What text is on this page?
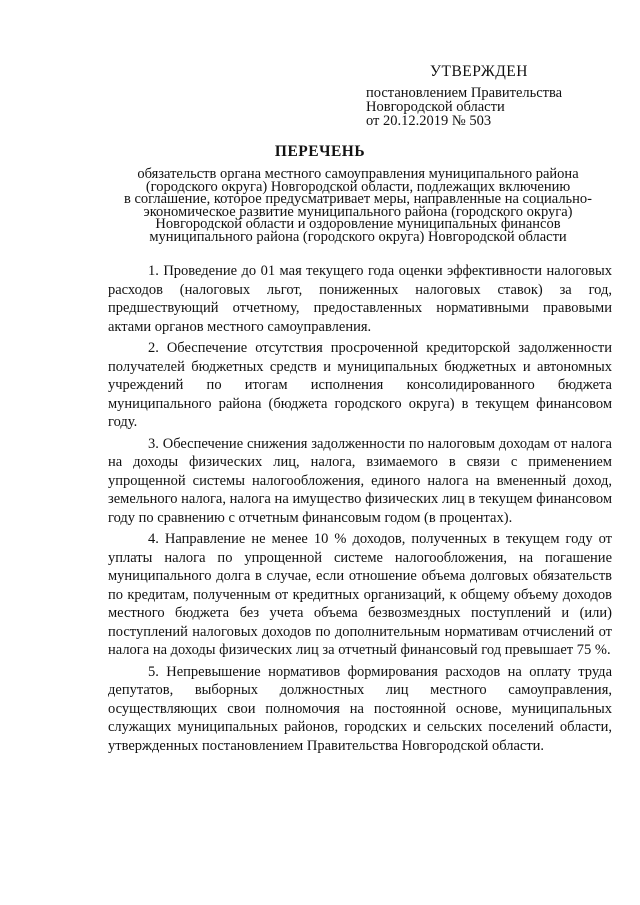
УТВЕРЖДЕН
постановлением Правительства
Новгородской области
от 20.12.2019 № 503
ПЕРЕЧЕНЬ
обязательств органа местного самоуправления муниципального района
(городского округа) Новгородской области, подлежащих включению
в соглашение, которое предусматривает меры, направленные на социально-
экономическое развитие муниципального района (городского округа)
Новгородской области и оздоровление муниципальных финансов
муниципального района (городского округа) Новгородской области

1. Проведение до 01 мая текущего года оценки эффективности налоговых расходов (налоговых льгот, пониженных налоговых ставок) за год, предшествующий отчетному, предоставленных нормативными правовыми актами органов местного самоуправления.

2. Обеспечение отсутствия просроченной кредиторской задолженности получателей бюджетных средств и муниципальных бюджетных и автономных учреждений по итогам исполнения консолидированного бюджета муниципального района (бюджета городского округа) в текущем финансовом году.

3. Обеспечение снижения задолженности по налоговым доходам от налога на доходы физических лиц, налога, взимаемого в связи с применением упрощенной системы налогообложения, единого налога на вмененный доход, земельного налога, налога на имущество физических лиц в текущем финансовом году по сравнению с отчетным финансовым годом (в процентах).

4. Направление не менее 10 % доходов, полученных в текущем году от уплаты налога по упрощенной системе налогообложения, на погашение муниципального долга в случае, если отношение объема долговых обязательств по кредитам, полученным от кредитных организаций, к общему объему доходов местного бюджета без учета объема безвозмездных поступлений и (или) поступлений налоговых доходов по дополнительным нормативам отчислений от налога на доходы физических лиц за отчетный финансовый год превышает 75 %.

5. Непревышение нормативов формирования расходов на оплату труда депутатов, выборных должностных лиц местного самоуправления, осуществляющих свои полномочия на постоянной основе, муниципальных служащих муниципальных районов, городских и сельских поселений области, утвержденных постановлением Правительства Новгородской области.
